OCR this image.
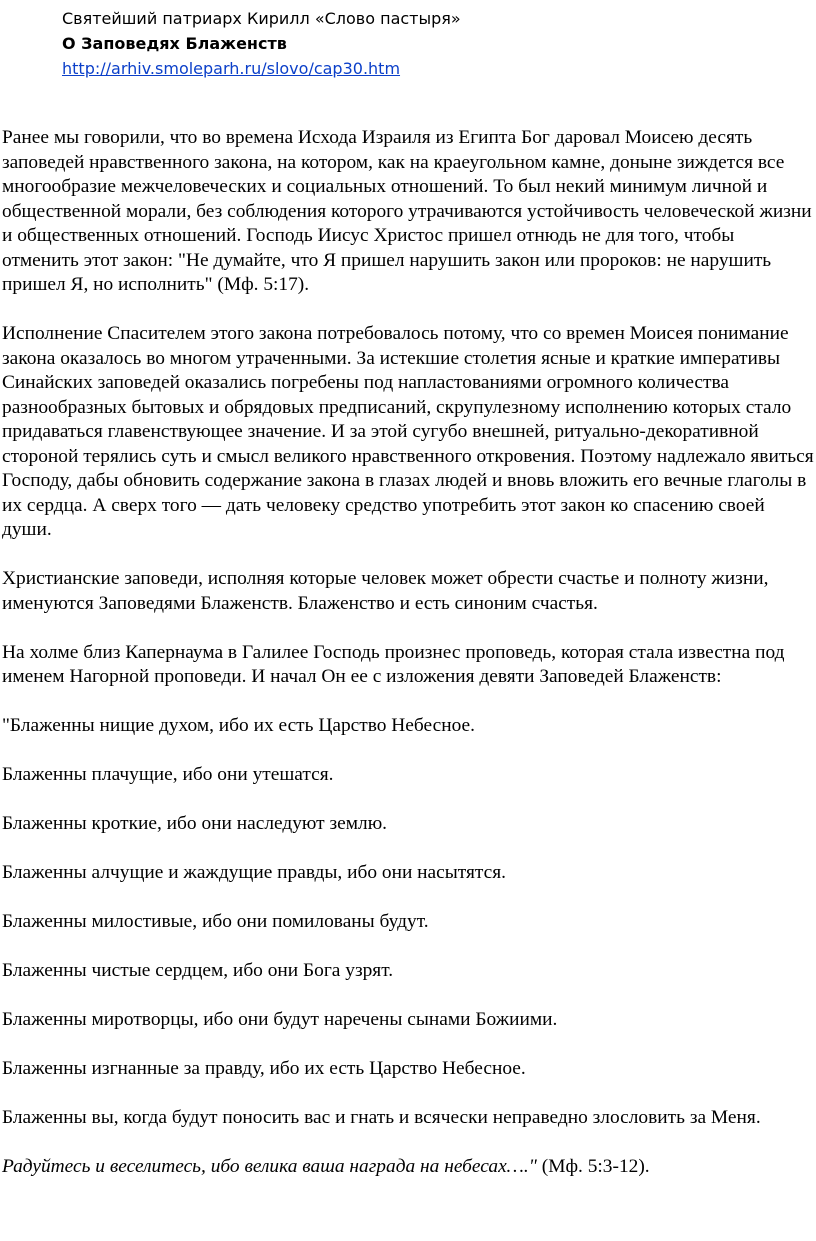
Святейший патриарх Кирилл «Слово пастыря»
О Заповедях Блаженств
http://arhiv.smoleparh.ru/slovo/cap30.htm

Ранее мы говорили, что во времена Исхода Израиля из Египта Бог даровал Моисею десять заповедей нравственного закона, на котором, как на краеугольном камне, доныне зиждется все многообразие межчеловеческих и социальных отношений. То был некий минимум личной и общественной морали, без соблюдения которого утрачиваются устойчивость человеческой жизни и общественных отношений. Господь Иисус Христос пришел отнюдь не для того, чтобы отменить этот закон: "Не думайте, что Я пришел нарушить закон или пророков: не нарушить пришел Я, но исполнить" (Мф. 5:17).

Исполнение Спасителем этого закона потребовалось потому, что со времен Моисея понимание закона оказалось во многом утраченными. За истекшие столетия ясные и краткие императивы Синайских заповедей оказались погребены под напластованиями огромного количества разнообразных бытовых и обрядовых предписаний, скрупулезному исполнению которых стало придаваться главенствующее значение. И за этой сугубо внешней, ритуально-декоративной стороной терялись суть и смысл великого нравственного откровения. Поэтому надлежало явиться Господу, дабы обновить содержание закона в глазах людей и вновь вложить его вечные глаголы в их сердца. А сверх того — дать человеку средство употребить этот закон ко спасению своей души.

Христианские заповеди, исполняя которые человек может обрести счастье и полноту жизни, именуются Заповедями Блаженств. Блаженство и есть синоним счастья.

На холме близ Капернаума в Галилее Господь произнес проповедь, которая стала известна под именем Нагорной проповеди. И начал Он ее с изложения девяти Заповедей Блаженств:

"Блаженны нищие духом, ибо их есть Царство Небесное.

Блаженны плачущие, ибо они утешатся.

Блаженны кроткие, ибо они наследуют землю.

Блаженны алчущие и жаждущие правды, ибо они насытятся.

Блаженны милостивые, ибо они помилованы будут.

Блаженны чистые сердцем, ибо они Бога узрят.

Блаженны миротворцы, ибо они будут наречены сынами Божиими.

Блаженны изгнанные за правду, ибо их есть Царство Небесное.

Блаженны вы, когда будут поносить вас и гнать и всячески неправедно злословить за Меня.

Радуйтесь и веселитесь, ибо велика ваша награда на небесах…." (Мф. 5:3-12).
